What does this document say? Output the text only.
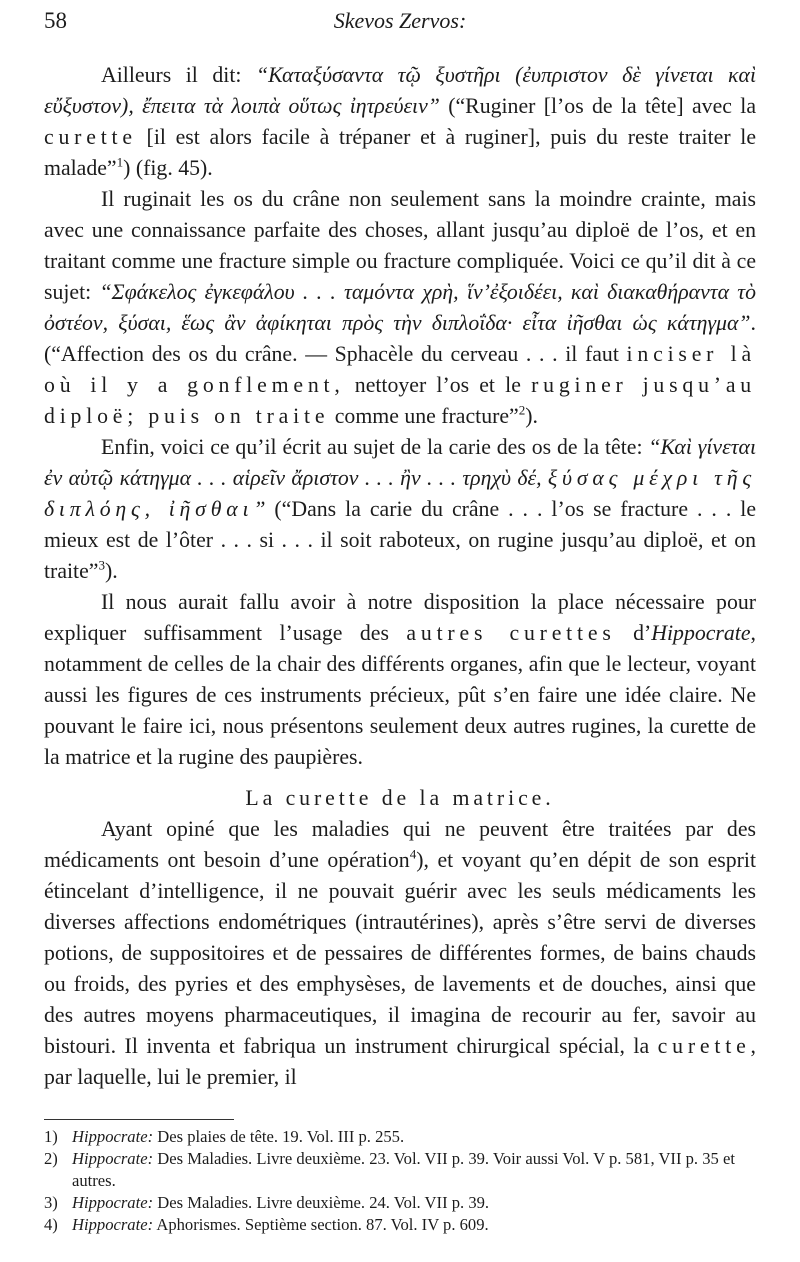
58	Skevos Zervos:

Ailleurs il dit: “Καταξύσαντα τῷ ξυστῆρι (ἐυπριστον δὲ γίνεται καὶ εὔξυστον), ἔπειτα τὰ λοιπὰ οὕτως ἰητρεύειν” (“Ruginer [l’os de la tête] avec la curette [il est alors facile à trépaner et à ruginer], puis du reste traiter le malade”$^1$) (fig. 45).

Il ruginait les os du crâne non seulement sans la moindre crainte, mais avec une connaissance parfaite des choses, allant jusqu’au diploë de l’os, et en traitant comme une fracture simple ou fracture compliquée. Voici ce qu’il dit à ce sujet: “Σφάκελος ἐγκεφάλου . . . ταμόντα χρὴ, ἵν’ἐξοιδέει, καὶ διακαθήραντα τὸ ὀστέον, ξύσαι, ἕως ἂν ἀφίκηται πρὸς τὴν διπλοΐδα· εἶτα ἰῆσθαι ὡς κάτηγμα”. (“Affection des os du crâne. — Sphacèle du cerveau . . . il faut inciser là où il y a gonflement, nettoyer l’os et le ruginer jusqu’au diploë; puis on traite comme une fracture”$^2$).

Enfin, voici ce qu’il écrit au sujet de la carie des os de la tête: “Καὶ γίνεται ἐν αὐτῷ κάτηγμα . . . αἱρεῖν ἄριστον . . . ἢν . . . τρηχὺ δέ, ξύσας μέχρι τῆς διπλόης, ἰῆσθαι” (“Dans la carie du crâne . . . l’os se fracture . . . le mieux est de l’ôter . . . si . . . il soit raboteux, on rugine jusqu’au diploë, et on traite”$^3$).

Il nous aurait fallu avoir à notre disposition la place nécessaire pour expliquer suffisamment l’usage des autres curettes d’Hippocrate, notamment de celles de la chair des différents organes, afin que le lecteur, voyant aussi les figures de ces instruments précieux, pût s’en faire une idée claire. Ne pouvant le faire ici, nous présentons seulement deux autres rugines, la curette de la matrice et la rugine des paupières.

La curette de la matrice.

Ayant opiné que les maladies qui ne peuvent être traitées par des médicaments ont besoin d’une opération$^4$), et voyant qu’en dépit de son esprit étincelant d’intelligence, il ne pouvait guérir avec les seuls médicaments les diverses affections endométriques (intrautérines), après s’être servi de diverses potions, de suppositoires et de pessaires de différentes formes, de bains chauds ou froids, des pyries et des emphysèses, de lavements et de douches, ainsi que des autres moyens pharmaceutiques, il imagina de recourir au fer, savoir au bistouri. Il inventa et fabriqua un instrument chirurgical spécial, la curette, par laquelle, lui le premier, il

1) Hippocrate: Des plaies de tête. 19. Vol. III p. 255.
2) Hippocrate: Des Maladies. Livre deuxième. 23. Vol. VII p. 39. Voir aussi Vol. V p. 581, VII p. 35 et autres.
3) Hippocrate: Des Maladies. Livre deuxième. 24. Vol. VII p. 39.
4) Hippocrate: Aphorismes. Septième section. 87. Vol. IV p. 609.
